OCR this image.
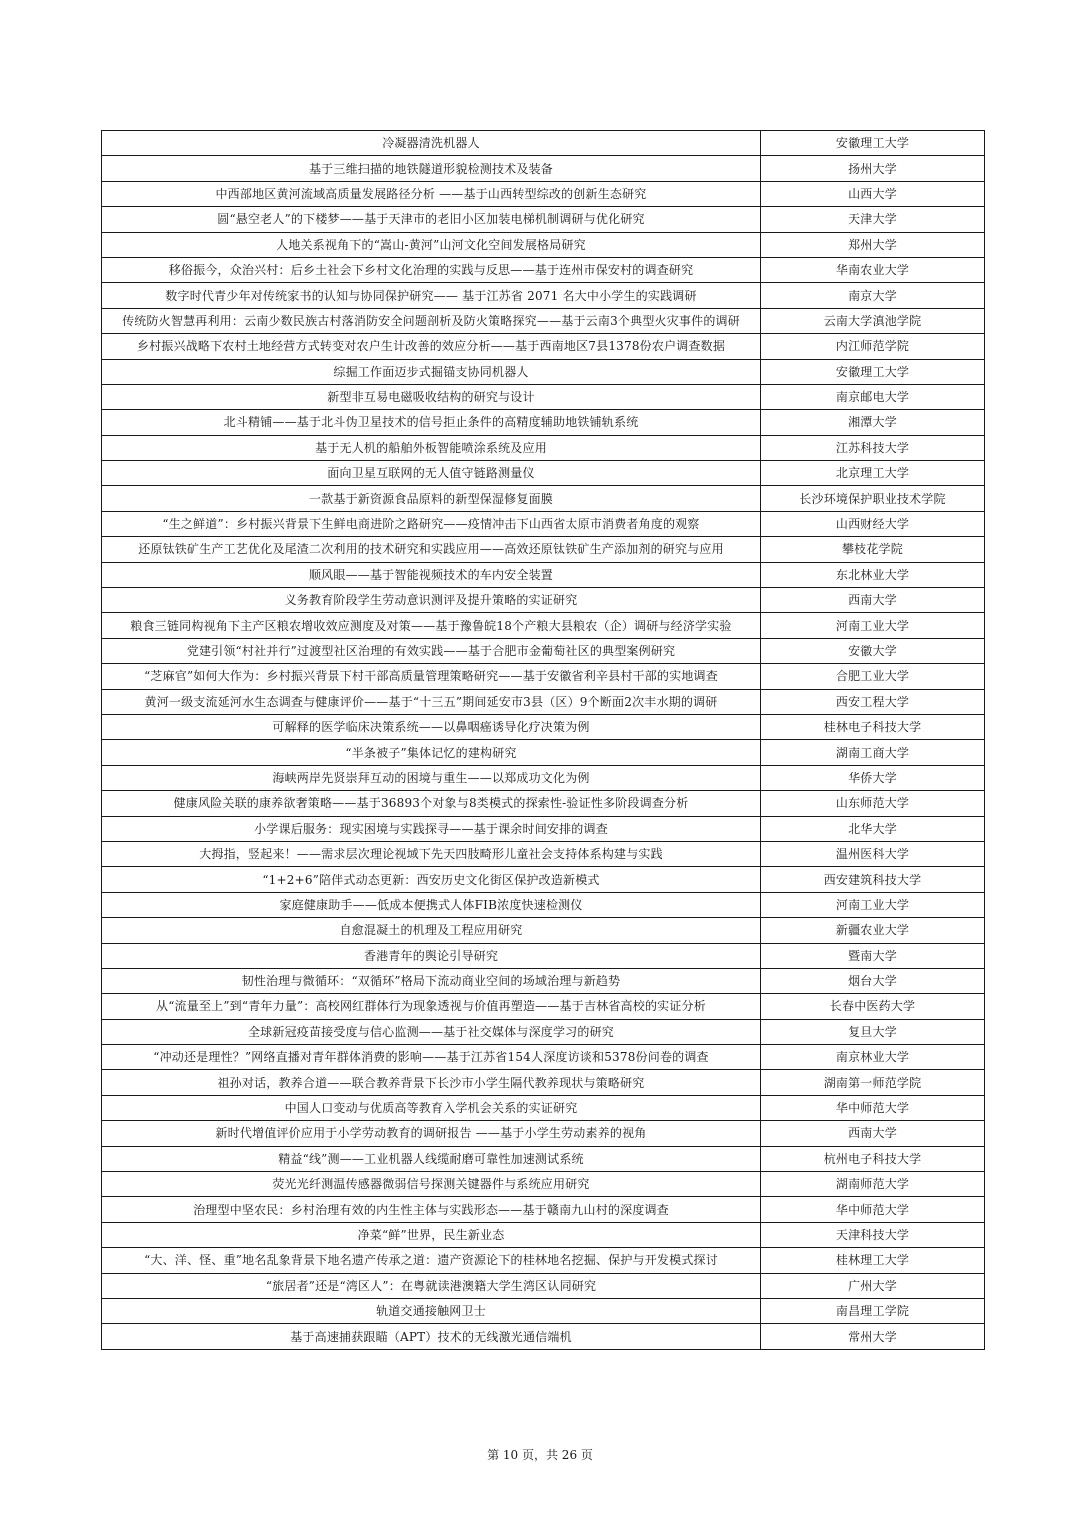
冷凝器清洗机器人	安徽理工大学
基于三维扫描的地铁隧道形貌检测技术及装备	扬州大学
中西部地区黄河流域高质量发展路径分析 ——基于山西转型综改的创新生态研究	山西大学
圆“悬空老人”的下楼梦——基于天津市的老旧小区加装电梯机制调研与优化研究	天津大学
人地关系视角下的“嵩山-黄河”山河文化空间发展格局研究	郑州大学
移俗振今，众治兴村：后乡土社会下乡村文化治理的实践与反思——基于连州市保安村的调查研究	华南农业大学
数字时代青少年对传统家书的认知与协同保护研究—— 基于江苏省 2071 名大中小学生的实践调研	南京大学
传统防火智慧再利用：云南少数民族古村落消防安全问题剖析及防火策略探究——基于云南3个典型火灾事件的调研	云南大学滇池学院
乡村振兴战略下农村土地经营方式转变对农户生计改善的效应分析——基于西南地区7县1378份农户调查数据	内江师范学院
综掘工作面迈步式掘锚支协同机器人	安徽理工大学
新型非互易电磁吸收结构的研究与设计	南京邮电大学
北斗精铺——基于北斗伪卫星技术的信号拒止条件的高精度辅助地铁铺轨系统	湘潭大学
基于无人机的船舶外板智能喷涂系统及应用	江苏科技大学
面向卫星互联网的无人值守链路测量仪	北京理工大学
一款基于新资源食品原料的新型保湿修复面膜	长沙环境保护职业技术学院
“生之鲜道”：乡村振兴背景下生鲜电商进阶之路研究——疫情冲击下山西省太原市消费者角度的观察	山西财经大学
还原钛铁矿生产工艺优化及尾渣二次利用的技术研究和实践应用——高效还原钛铁矿生产添加剂的研究与应用	攀枝花学院
顺风眼——基于智能视频技术的车内安全装置	东北林业大学
义务教育阶段学生劳动意识测评及提升策略的实证研究	西南大学
粮食三链同构视角下主产区粮农增收效应测度及对策——基于豫鲁皖18个产粮大县粮农（企）调研与经济学实验	河南工业大学
党建引领“村社并行”过渡型社区治理的有效实践——基于合肥市金葡萄社区的典型案例研究	安徽大学
“芝麻官”如何大作为：乡村振兴背景下村干部高质量管理策略研究——基于安徽省利辛县村干部的实地调查	合肥工业大学
黄河一级支流延河水生态调查与健康评价——基于“十三五”期间延安市3县（区）9个断面2次丰水期的调研	西安工程大学
可解释的医学临床决策系统——以鼻咽癌诱导化疗决策为例	桂林电子科技大学
“半条被子”集体记忆的建构研究	湖南工商大学
海峡两岸先贤崇拜互动的困境与重生——以郑成功文化为例	华侨大学
健康风险关联的康养欲奢策略——基于36893个对象与8类模式的探索性-验证性多阶段调查分析	山东师范大学
小学课后服务：现实困境与实践探寻——基于课余时间安排的调查	北华大学
大拇指，竖起来！——需求层次理论视域下先天四肢畸形儿童社会支持体系构建与实践	温州医科大学
“1+2+6”陪伴式动态更新：西安历史文化街区保护改造新模式	西安建筑科技大学
家庭健康助手——低成本便携式人体FIB浓度快速检测仪	河南工业大学
自愈混凝土的机理及工程应用研究	新疆农业大学
香港青年的舆论引导研究	暨南大学
韧性治理与微循环：“双循环”格局下流动商业空间的场域治理与新趋势	烟台大学
从“流量至上”到“青年力量”：高校网红群体行为现象透视与价值再塑造——基于吉林省高校的实证分析	长春中医药大学
全球新冠疫苗接受度与信心监测——基于社交媒体与深度学习的研究	复旦大学
“冲动还是理性？”网络直播对青年群体消费的影响——基于江苏省154人深度访谈和5378份问卷的调查	南京林业大学
祖孙对话，教养合道——联合教养背景下长沙市小学生隔代教养现状与策略研究	湖南第一师范学院
中国人口变动与优质高等教育入学机会关系的实证研究	华中师范大学
新时代增值评价应用于小学劳动教育的调研报告 ——基于小学生劳动素养的视角	西南大学
精益“线”测——工业机器人线缆耐磨可靠性加速测试系统	杭州电子科技大学
荧光光纤测温传感器微弱信号探测关键器件与系统应用研究	湖南师范大学
治理型中坚农民：乡村治理有效的内生性主体与实践形态——基于赣南九山村的深度调查	华中师范大学
净菜“鲜”世界，民生新业态	天津科技大学
“大、洋、怪、重”地名乱象背景下地名遗产传承之道：遗产资源论下的桂林地名挖掘、保护与开发模式探讨	桂林理工大学
“旅居者”还是“湾区人”：在粤就读港澳籍大学生湾区认同研究	广州大学
轨道交通接触网卫士	南昌理工学院
基于高速捕获跟瞄（APT）技术的无线激光通信端机	常州大学
第 10 页，共 26 页
